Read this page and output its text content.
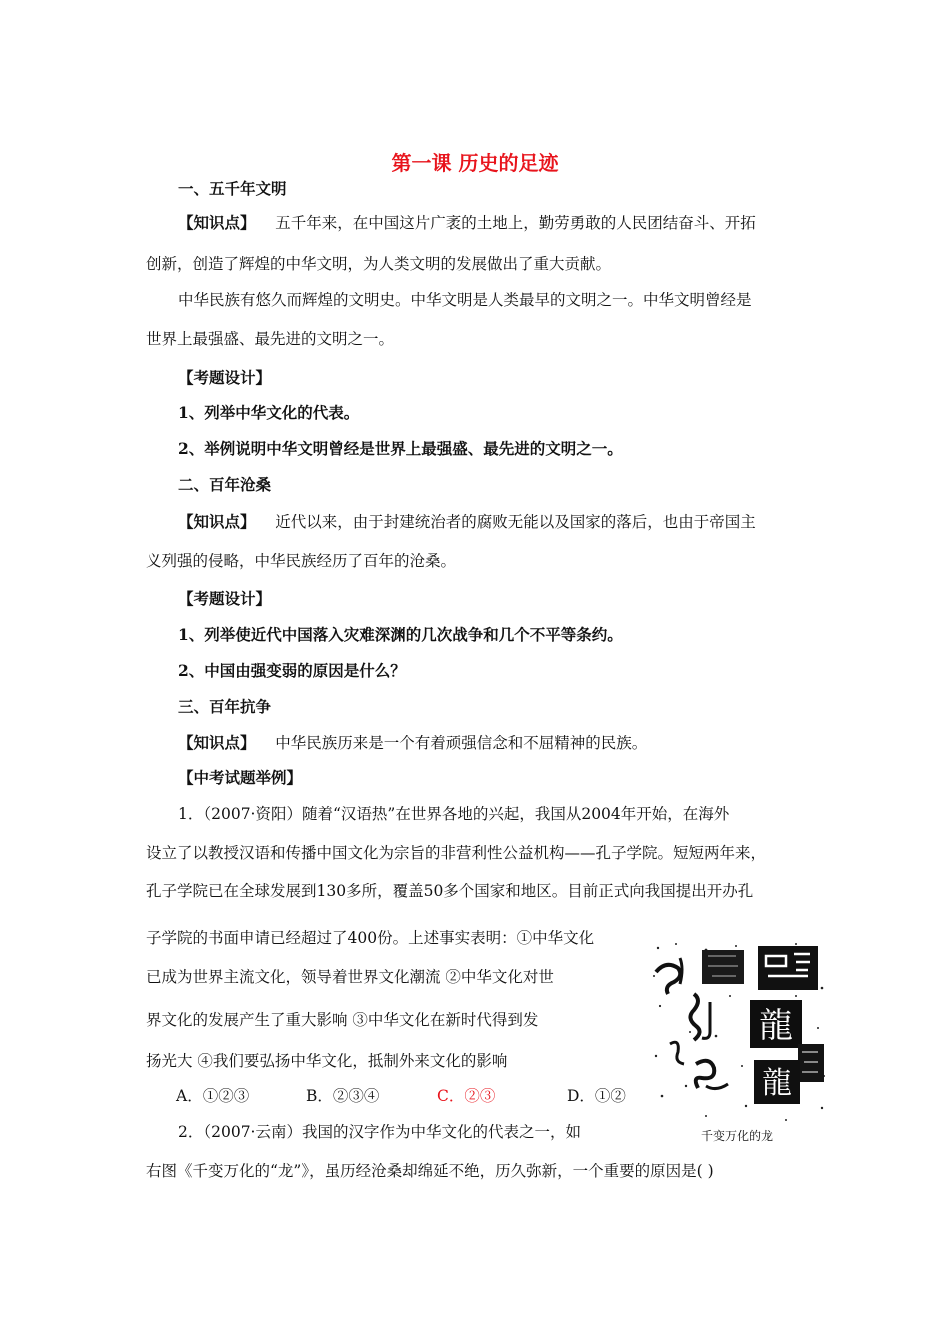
第一课 历史的足迹
一、五千年文明
【知识点】 五千年来，在中国这片广袤的土地上，勤劳勇敢的人民团结奋斗、开拓
创新，创造了辉煌的中华文明，为人类文明的发展做出了重大贡献。
中华民族有悠久而辉煌的文明史。中华文明是人类最早的文明之一。中华文明曾经是
世界上最强盛、最先进的文明之一。
【考题设计】
1、列举中华文化的代表。
2、举例说明中华文明曾经是世界上最强盛、最先进的文明之一。
二、百年沧桑
【知识点】 近代以来，由于封建统治者的腐败无能以及国家的落后，也由于帝国主
义列强的侵略，中华民族经历了百年的沧桑。
【考题设计】
1、列举使近代中国落入灾难深渊的几次战争和几个不平等条约。
2、中国由强变弱的原因是什么？
三、百年抗争
【知识点】 中华民族历来是一个有着顽强信念和不屈精神的民族。
【中考试题举例】
1．（2007·资阳）随着“汉语热”在世界各地的兴起，我国从2004年开始，在海外
设立了以教授汉语和传播中国文化为宗旨的非营利性公益机构——孔子学院。短短两年来，
孔子学院已在全球发展到130多所，覆盖50多个国家和地区。目前正式向我国提出开办孔
子学院的书面申请已经超过了400份。上述事实表明：①中华文化
已成为世界主流文化，领导着世界文化潮流 ②中华文化对世
界文化的发展产生了重大影响 ③中华文化在新时代得到发
扬光大 ④我们要弘扬中华文化，抵制外来文化的影响
A．①②③	B．②③④	C．②③	D．①②
2．（2007·云南）我国的汉字作为中华文化的代表之一，如
右图《千变万化的“龙”》，虽历经沧桑却绵延不绝，历久弥新，一个重要的原因是( )
龍
龍
千变万化的龙
